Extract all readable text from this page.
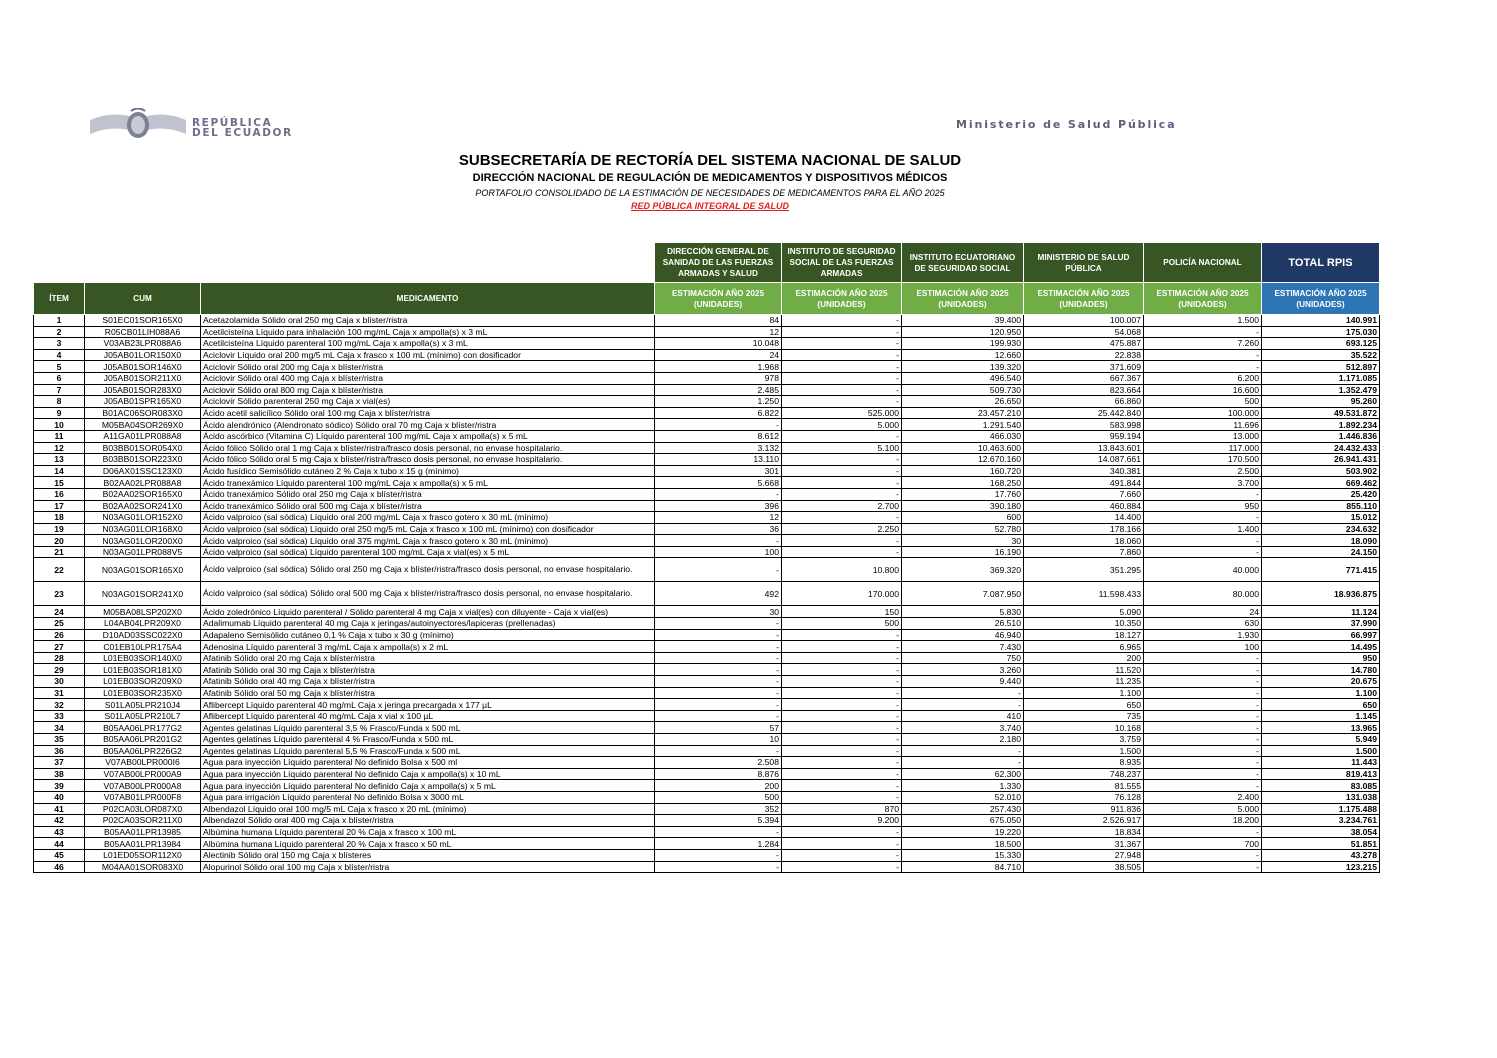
REPÚBLICA
DEL ECUADOR
Ministerio de Salud Pública
SUBSECRETARÍA DE RECTORÍA DEL SISTEMA NACIONAL DE SALUD
DIRECCIÓN NACIONAL DE REGULACIÓN DE MEDICAMENTOS Y DISPOSITIVOS MÉDICOS
PORTAFOLIO CONSOLIDADO DE LA ESTIMACIÓN DE NECESIDADES DE MEDICAMENTOS PARA EL AÑO 2025
RED PÚBLICA INTEGRAL DE SALUD
			DIRECCIÓN GENERAL DE SANIDAD DE LAS FUERZAS ARMADAS Y SALUD	INSTITUTO DE SEGURIDAD SOCIAL DE LAS FUERZAS ARMADAS	INSTITUTO ECUATORIANO DE SEGURIDAD SOCIAL	MINISTERIO DE SALUD PÚBLICA	POLICÍA NACIONAL	TOTAL RPIS
ÍTEM	CUM	MEDICAMENTO	ESTIMACIÓN AÑO 2025 (UNIDADES)	ESTIMACIÓN AÑO 2025 (UNIDADES)	ESTIMACIÓN AÑO 2025 (UNIDADES)	ESTIMACIÓN AÑO 2025 (UNIDADES)	ESTIMACIÓN AÑO 2025 (UNIDADES)	ESTIMACIÓN AÑO 2025 (UNIDADES)
1	S01EC01SOR165X0	Acetazolamida Sólido oral 250 mg Caja x blíster/ristra	84	-	39.400	100.007	1.500	140.991
2	R05CB01LIH088A6	Acetilcisteína Líquido para inhalación 100 mg/mL Caja x ampolla(s) x 3 mL	12	-	120.950	54.068	-	175.030
3	V03AB23LPR088A6	Acetilcisteína Líquido parenteral 100 mg/mL Caja x ampolla(s) x 3 mL	10.048	-	199.930	475.887	7.260	693.125
4	J05AB01LOR150X0	Aciclovir Líquido oral 200 mg/5 mL Caja x frasco x 100 mL (mínimo) con dosificador	24	-	12.660	22.838	-	35.522
5	J05AB01SOR146X0	Aciclovir Sólido oral 200 mg Caja x blíster/ristra	1.968	-	139.320	371.609	-	512.897
6	J05AB01SOR211X0	Aciclovir Sólido oral 400 mg Caja x blíster/ristra	978	-	496.540	667.367	6.200	1.171.085
7	J05AB01SOR283X0	Aciclovir Sólido oral 800 mg Caja x blíster/ristra	2.485	-	509.730	823.664	16.600	1.352.479
8	J05AB01SPR165X0	Aciclovir Sólido parenteral 250 mg Caja x vial(es)	1.250	-	26.650	66.860	500	95.260
9	B01AC06SOR083X0	Ácido acetil salicílico Sólido oral 100 mg Caja x blíster/ristra	6.822	525.000	23.457.210	25.442.840	100.000	49.531.872
10	M05BA04SOR269X0	Ácido alendrónico (Alendronato sódico) Sólido oral 70 mg Caja x blíster/ristra	-	5.000	1.291.540	583.998	11.696	1.892.234
11	A11GA01LPR088A8	Ácido ascórbico (Vitamina C) Líquido parenteral 100 mg/mL Caja x ampolla(s) x 5 mL	8.612	-	466.030	959.194	13.000	1.446.836
12	B03BB01SOR054X0	Ácido fólico Sólido oral 1 mg Caja x blíster/ristra/frasco dosis personal, no envase hospitalario.	3.132	5.100	10.463.600	13.843.601	117.000	24.432.433
13	B03BB01SOR223X0	Ácido fólico Sólido oral 5 mg Caja x blíster/ristra/frasco dosis personal, no envase hospitalario.	13.110	-	12.670.160	14.087.661	170.500	26.941.431
14	D06AX01SSC123X0	Ácido fusídico Semisólido cutáneo 2 % Caja x tubo x 15 g (mínimo)	301	-	160.720	340.381	2.500	503.902
15	B02AA02LPR088A8	Ácido tranexámico Líquido parenteral 100 mg/mL Caja x ampolla(s) x 5 mL	5.668	-	168.250	491.844	3.700	669.462
16	B02AA02SOR165X0	Ácido tranexámico Sólido oral 250 mg Caja x blíster/ristra	-	-	17.760	7.660	-	25.420
17	B02AA02SOR241X0	Ácido tranexámico Sólido oral 500 mg Caja x blíster/ristra	396	2.700	390.180	460.884	950	855.110
18	N03AG01LOR152X0	Ácido valproico (sal sódica) Líquido oral 200 mg/mL Caja x frasco gotero x 30 mL (mínimo)	12	-	600	14.400	-	15.012
19	N03AG01LOR168X0	Ácido valproico (sal sódica) Líquido oral 250 mg/5 mL Caja x frasco x 100 mL (mínimo) con dosificador	36	2.250	52.780	178.166	1.400	234.632
20	N03AG01LOR200X0	Ácido valproico (sal sódica) Líquido oral 375 mg/mL Caja x frasco gotero x 30 mL (mínimo)	-	-	30	18.060	-	18.090
21	N03AG01LPR088V5	Ácido valproico (sal sódica) Líquido parenteral 100 mg/mL Caja x vial(es) x 5 mL	100	-	16.190	7.860	-	24.150
22	N03AG01SOR165X0	Ácido valproico (sal sódica) Sólido oral 250 mg Caja x blíster/ristra/frasco dosis personal, no envase hospitalario.	-	10.800	369.320	351.295	40.000	771.415
23	N03AG01SOR241X0	Ácido valproico (sal sódica) Sólido oral 500 mg Caja x blíster/ristra/frasco dosis personal, no envase hospitalario.	492	170.000	7.087.950	11.598.433	80.000	18.936.875
24	M05BA08LSP202X0	Ácido zoledrónico Líquido parenteral / Sólido parenteral 4 mg Caja x vial(es) con diluyente - Caja x vial(es)	30	150	5.830	5.090	24	11.124
25	L04AB04LPR209X0	Adalimumab Líquido parenteral 40 mg Caja x jeringas/autoinyectores/lapiceras (prellenadas)	-	500	26.510	10.350	630	37.990
26	D10AD03SSC022X0	Adapaleno Semisólido cutáneo 0,1 % Caja x tubo x 30 g (mínimo)	-	-	46.940	18.127	1.930	66.997
27	C01EB10LPR175A4	Adenosina Líquido parenteral 3 mg/mL Caja x ampolla(s) x 2 mL	-	-	7.430	6.965	100	14.495
28	L01EB03SOR140X0	Afatinib Sólido oral 20 mg Caja x blíster/ristra	-	-	750	200	-	950
29	L01EB03SOR181X0	Afatinib Sólido oral 30 mg Caja x blíster/ristra	-	-	3.260	11.520	-	14.780
30	L01EB03SOR209X0	Afatinib Sólido oral 40 mg Caja x blíster/ristra	-	-	9.440	11.235	-	20.675
31	L01EB03SOR235X0	Afatinib Sólido oral 50 mg Caja x blíster/ristra	-	-	-	1.100	-	1.100
32	S01LA05LPR210J4	Aflibercept Líquido parenteral 40 mg/mL Caja x jeringa precargada x 177 µL	-	-	-	650	-	650
33	S01LA05LPR210L7	Aflibercept Líquido parenteral 40 mg/mL Caja x vial x 100 µL	-	-	410	735	-	1.145
34	B05AA06LPR177G2	Agentes gelatinas Líquido parenteral 3,5 % Frasco/Funda x 500 mL	57	-	3.740	10.168	-	13.965
35	B05AA06LPR201G2	Agentes gelatinas Líquido parenteral 4 % Frasco/Funda x 500 mL	10	-	2.180	3.759	-	5.949
36	B05AA06LPR226G2	Agentes gelatinas Líquido parenteral 5,5 % Frasco/Funda x 500 mL	-	-	-	1.500	-	1.500
37	V07AB00LPR000I6	Agua para inyección Líquido parenteral No definido Bolsa x 500 ml	2.508	-	-	8.935	-	11.443
38	V07AB00LPR000A9	Agua para inyección Líquido parenteral No definido Caja x ampolla(s) x 10 mL	8.876	-	62.300	748.237	-	819.413
39	V07AB00LPR000A8	Agua para inyección Líquido parenteral No definido Caja x ampolla(s) x 5 mL	200	-	1.330	81.555	-	83.085
40	V07AB01LPR000F8	Agua para irrigación Líquido parenteral No definido Bolsa x 3000 mL	500	-	52.010	76.128	2.400	131.038
41	P02CA03LOR087X0	Albendazol Líquido oral 100 mg/5 mL Caja x frasco x 20 mL (mínimo)	352	870	257.430	911.836	5.000	1.175.488
42	P02CA03SOR211X0	Albendazol Sólido oral 400 mg Caja x blíster/ristra	5.394	9.200	675.050	2.526.917	18.200	3.234.761
43	B05AA01LPR13985	Albúmina humana Líquido parenteral 20 % Caja x frasco x 100 mL	-	-	19.220	18.834	-	38.054
44	B05AA01LPR13984	Albúmina humana Líquido parenteral 20 % Caja x frasco x 50 mL	1.284	-	18.500	31.367	700	51.851
45	L01ED05SOR112X0	Alectinib Sólido oral 150 mg Caja x blísteres	-	-	15.330	27.948	-	43.278
46	M04AA01SOR083X0	Alopurinol Sólido oral 100 mg Caja x blíster/ristra	-	-	84.710	38.505	-	123.215
